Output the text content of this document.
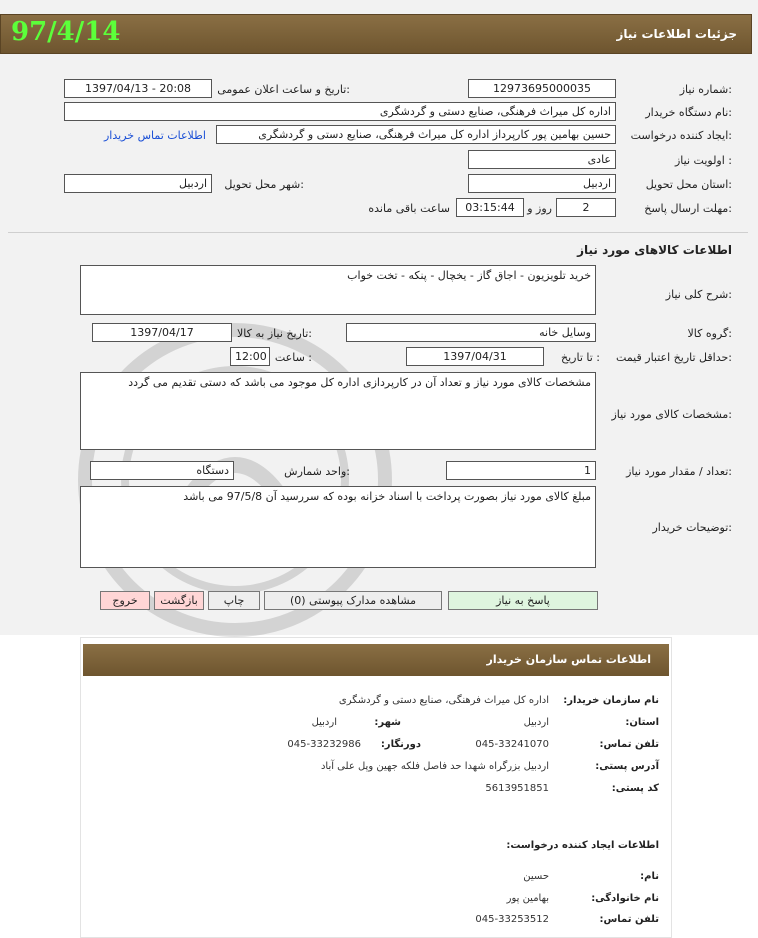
97/4/14	جزئیات اطلاعات نیاز
شماره نیاز:
12973695000035
تاریخ و ساعت اعلان عمومی:
1397/04/13 - 20:08
نام دستگاه خریدار:
اداره کل میراث فرهنگی، صنایع دستی و گردشگری
ایجاد کننده درخواست:
حسین بهامین پور کارپرداز اداره کل میراث فرهنگی، صنایع دستی و گردشگری
اطلاعات تماس خریدار
اولویت نیاز :
عادی
استان محل تحویل:
اردبیل
شهر محل تحویل:
اردبیل
مهلت ارسال پاسخ:
2
روز و
03:15:44
ساعت باقی مانده
اطلاعات کالاهای مورد نیاز
شرح کلی نیاز:
خرید تلویزیون - اجاق گاز - یخچال - پنکه - تخت خواب
گروه کالا:
وسایل خانه
تاریخ نیاز به کالا:
1397/04/17
حداقل تاریخ اعتبار قیمت:
تا تاریخ :
1397/04/31
ساعت :
12:00
مشخصات کالای مورد نیاز:
مشخصات کالای مورد نیاز و تعداد آن در کارپردازی اداره کل موجود می باشد که دستی تقدیم می گردد
تعداد / مقدار مورد نیاز:
1
واحد شمارش:
دستگاه
توضیحات خریدار:
مبلغ کالای مورد نیاز بصورت پرداخت با اسناد خزانه بوده که سررسید آن 97/5/8 می باشد
پاسخ به نیاز
مشاهده مدارک پیوستی (0)
چاپ
بازگشت
خروج
اطلاعات تماس سازمان خریدار
نام سازمان خریدار:
اداره کل میراث فرهنگی، صنایع دستی و گردشگری
استان:
اردبیل
شهر:
اردبیل
تلفن تماس:
045-33241070
دورنگار:
045-33232986
آدرس پستی:
اردبیل بزرگراه شهدا حد فاصل فلکه جهین وپل علی آباد
کد پستی:
5613951851
اطلاعات ایجاد کننده درخواست:
نام:
حسین
نام خانوادگی:
بهامین پور
تلفن تماس:
045-33253512
